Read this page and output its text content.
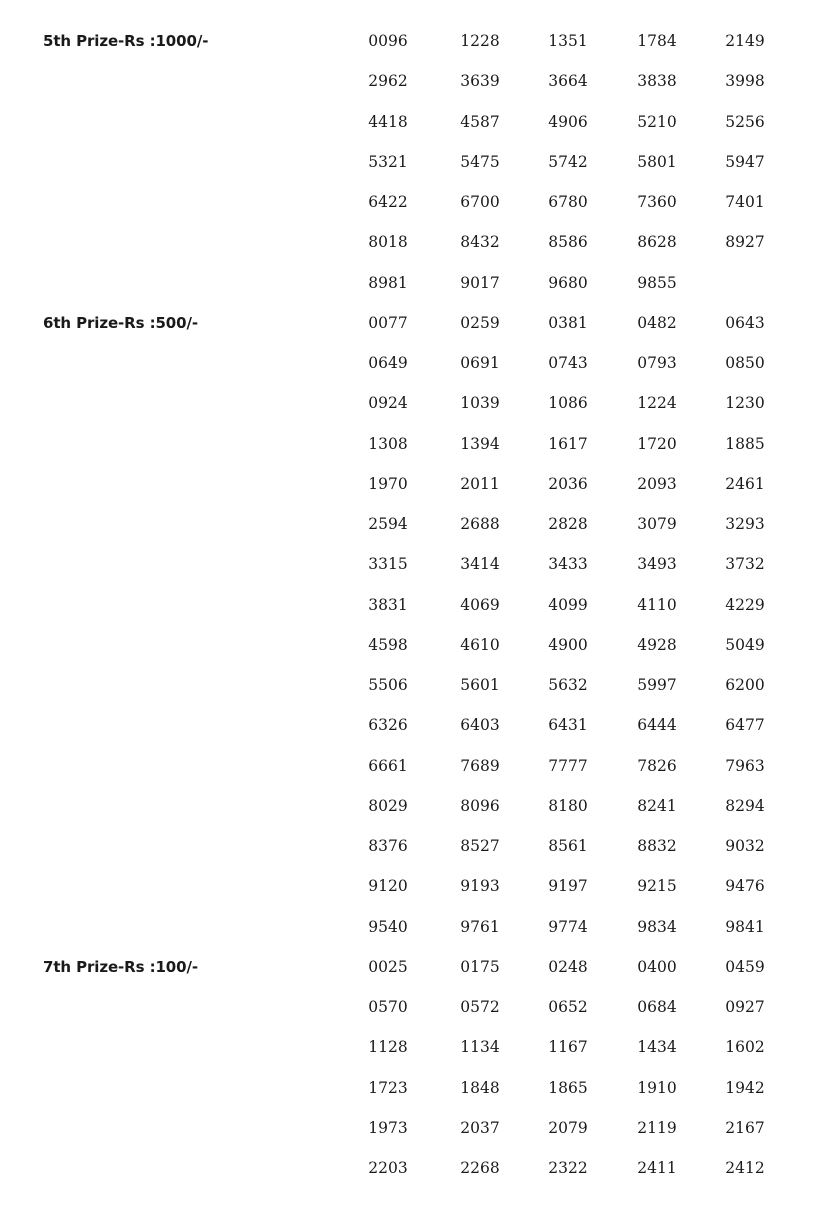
5th Prize-Rs :1000/-	0096	1228	1351	1784	2149
2962	3639	3664	3838	3998
4418	4587	4906	5210	5256
5321	5475	5742	5801	5947
6422	6700	6780	7360	7401
8018	8432	8586	8628	8927
8981	9017	9680	9855
6th Prize-Rs :500/-	0077	0259	0381	0482	0643
0649	0691	0743	0793	0850
0924	1039	1086	1224	1230
1308	1394	1617	1720	1885
1970	2011	2036	2093	2461
2594	2688	2828	3079	3293
3315	3414	3433	3493	3732
3831	4069	4099	4110	4229
4598	4610	4900	4928	5049
5506	5601	5632	5997	6200
6326	6403	6431	6444	6477
6661	7689	7777	7826	7963
8029	8096	8180	8241	8294
8376	8527	8561	8832	9032
9120	9193	9197	9215	9476
9540	9761	9774	9834	9841
7th Prize-Rs :100/-	0025	0175	0248	0400	0459
0570	0572	0652	0684	0927
1128	1134	1167	1434	1602
1723	1848	1865	1910	1942
1973	2037	2079	2119	2167
2203	2268	2322	2411	2412
